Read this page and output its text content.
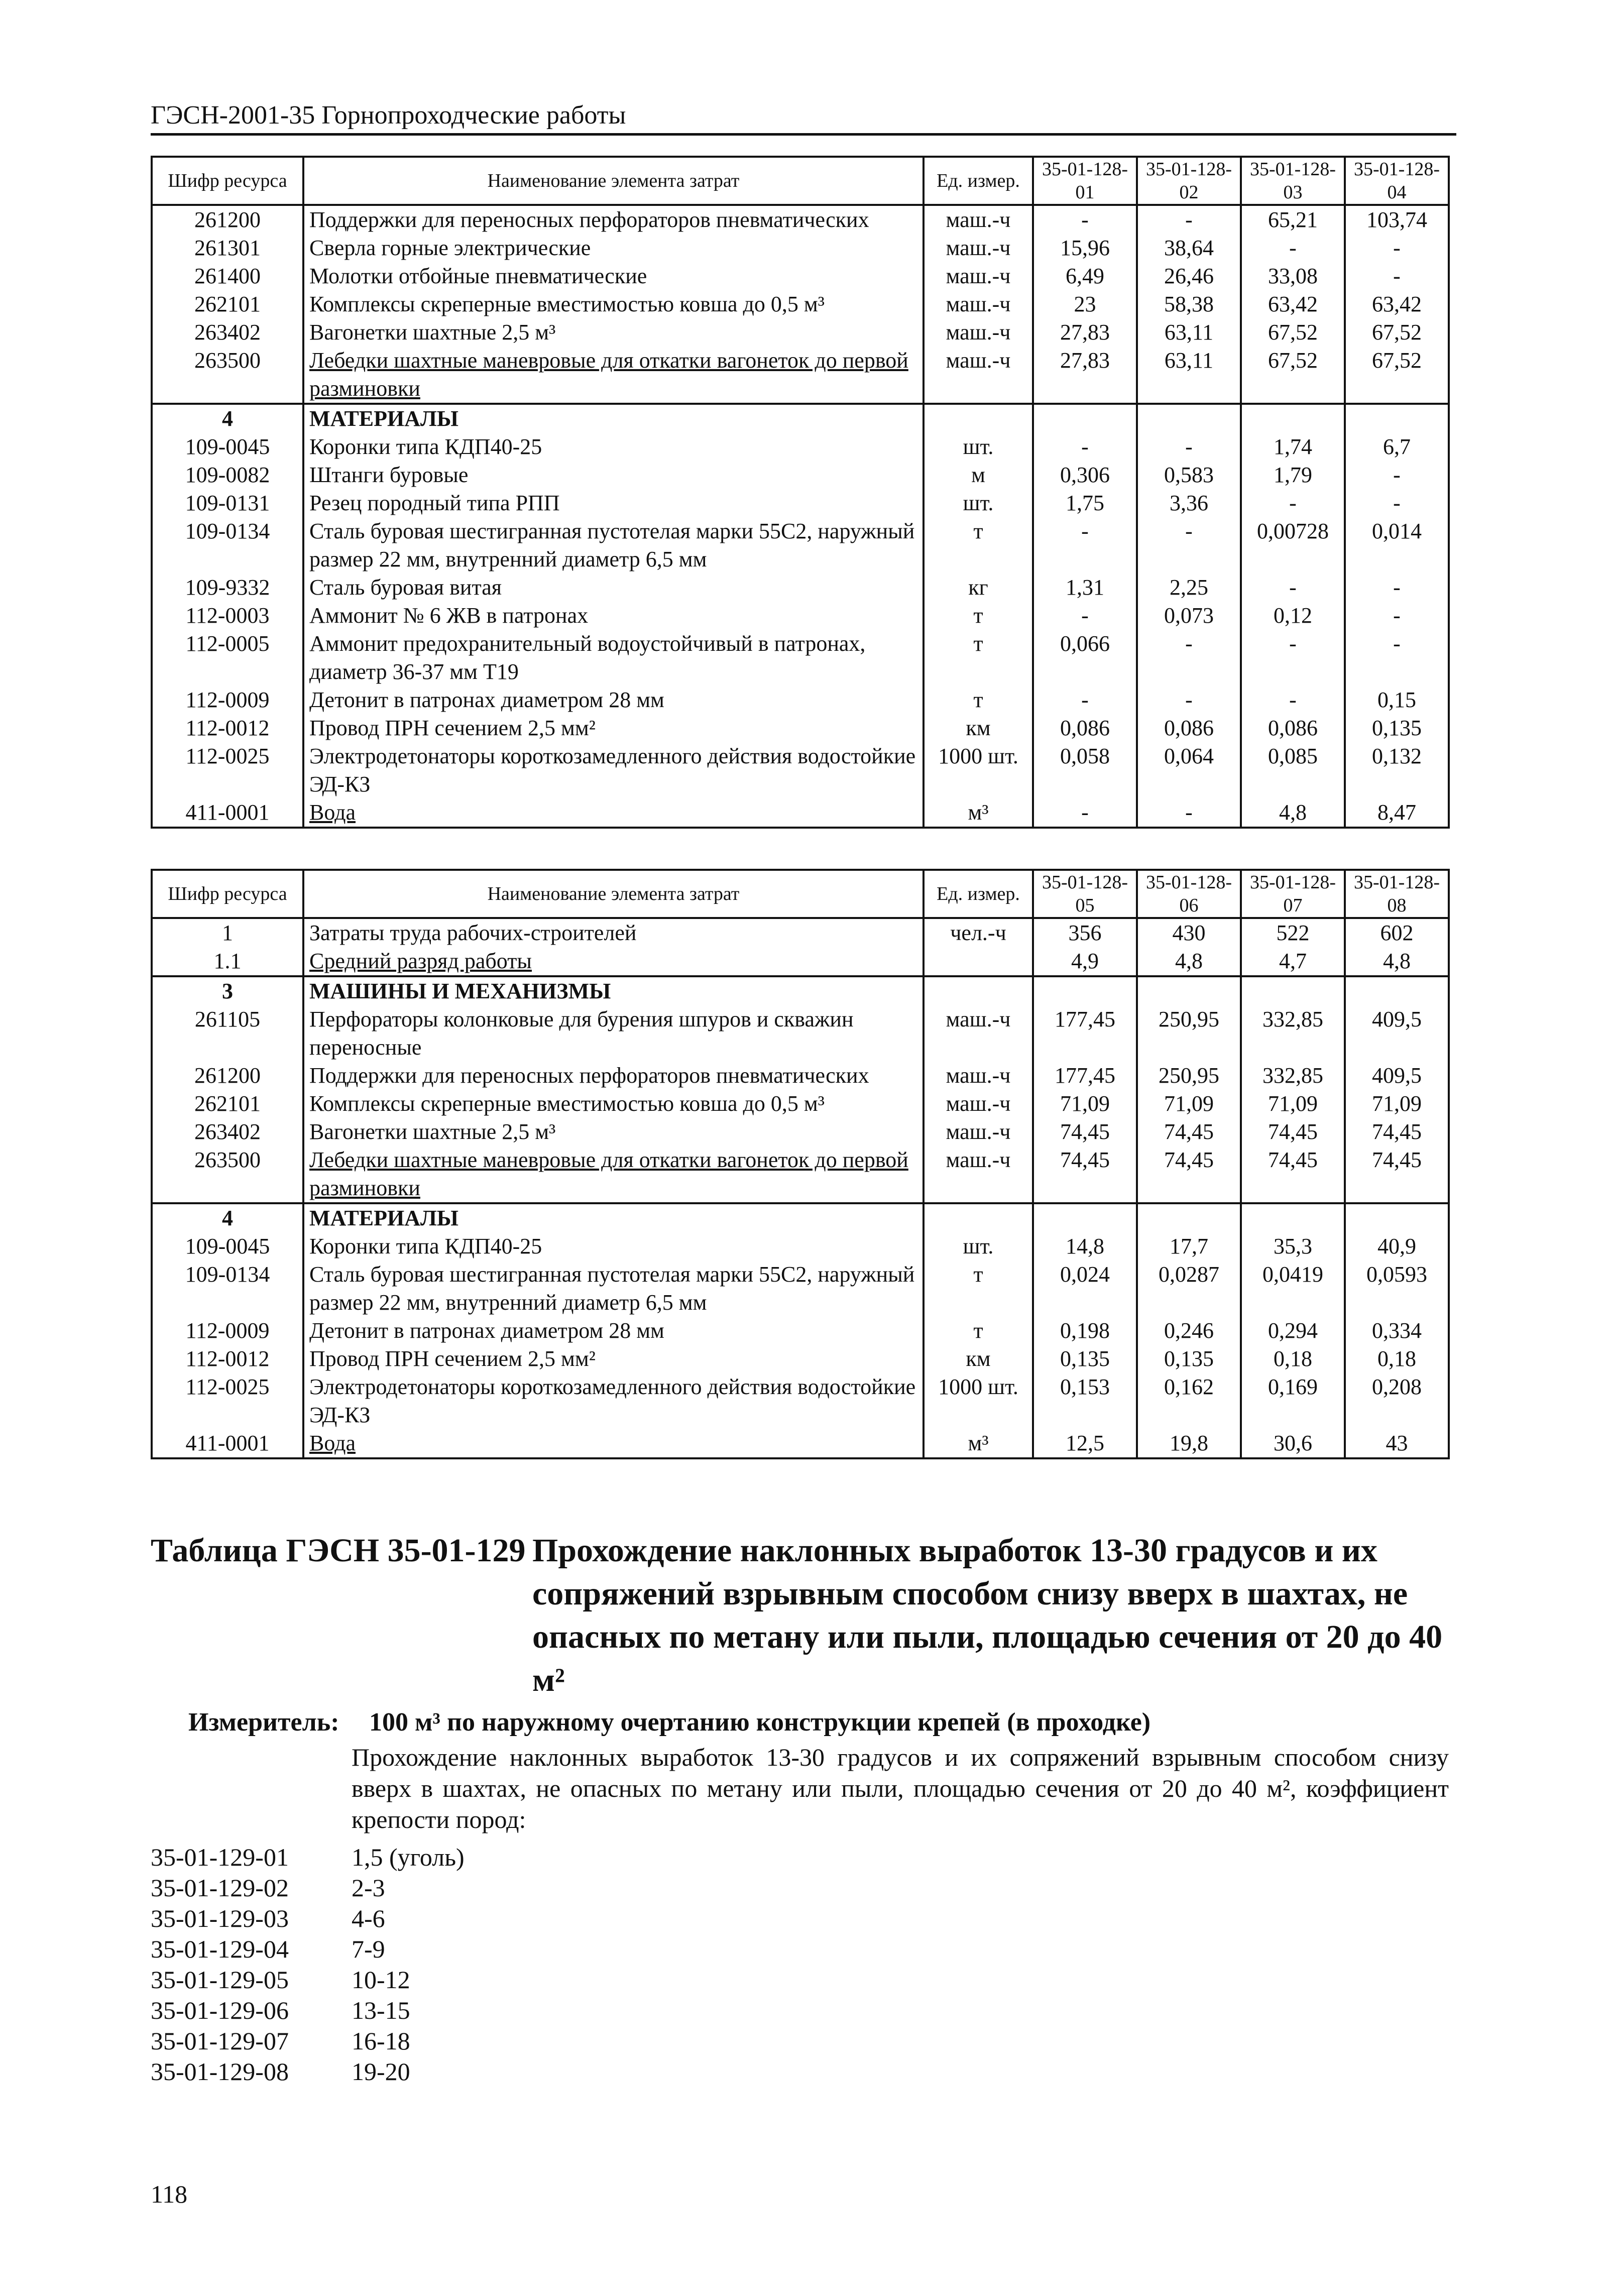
ГЭСН-2001-35 Горнопроходческие работы
Шифр ресурса	Наименование элемента затрат	Ед. измер.	35-01-128-01	35-01-128-02	35-01-128-03	35-01-128-04
261200	Поддержки для переносных перфораторов пневматических	маш.-ч	-	-	65,21	103,74
261301	Сверла горные электрические	маш.-ч	15,96	38,64	-	-
261400	Молотки отбойные пневматические	маш.-ч	6,49	26,46	33,08	-
262101	Комплексы скреперные вместимостью ковша до 0,5 м³	маш.-ч	23	58,38	63,42	63,42
263402	Вагонетки шахтные 2,5 м³	маш.-ч	27,83	63,11	67,52	67,52
263500	Лебедки шахтные маневровые для откатки вагонеток до первой разминовки	маш.-ч	27,83	63,11	67,52	67,52
4	МАТЕРИАЛЫ					
109-0045	Коронки типа КДП40-25	шт.	-	-	1,74	6,7
109-0082	Штанги буровые	м	0,306	0,583	1,79	-
109-0131	Резец породный типа РПП	шт.	1,75	3,36	-	-
109-0134	Сталь буровая шестигранная пустотелая марки 55С2, наружный размер 22 мм, внутренний диаметр 6,5 мм	т	-	-	0,00728	0,014
109-9332	Сталь буровая витая	кг	1,31	2,25	-	-
112-0003	Аммонит № 6 ЖВ в патронах	т	-	0,073	0,12	-
112-0005	Аммонит предохранительный водоустойчивый в патронах, диаметр 36-37 мм Т19	т	0,066	-	-	-
112-0009	Детонит в патронах диаметром 28 мм	т	-	-	-	0,15
112-0012	Провод ПРН сечением 2,5 мм²	км	0,086	0,086	0,086	0,135
112-0025	Электродетонаторы короткозамедленного действия водостойкие ЭД-КЗ	1000 шт.	0,058	0,064	0,085	0,132
411-0001	Вода	м³	-	-	4,8	8,47
Шифр ресурса	Наименование элемента затрат	Ед. измер.	35-01-128-05	35-01-128-06	35-01-128-07	35-01-128-08
1	Затраты труда рабочих-строителей	чел.-ч	356	430	522	602
1.1	Средний разряд работы		4,9	4,8	4,7	4,8
3	МАШИНЫ И МЕХАНИЗМЫ					
261105	Перфораторы колонковые для бурения шпуров и скважин переносные	маш.-ч	177,45	250,95	332,85	409,5
261200	Поддержки для переносных перфораторов пневматических	маш.-ч	177,45	250,95	332,85	409,5
262101	Комплексы скреперные вместимостью ковша до 0,5 м³	маш.-ч	71,09	71,09	71,09	71,09
263402	Вагонетки шахтные 2,5 м³	маш.-ч	74,45	74,45	74,45	74,45
263500	Лебедки шахтные маневровые для откатки вагонеток до первой разминовки	маш.-ч	74,45	74,45	74,45	74,45
4	МАТЕРИАЛЫ					
109-0045	Коронки типа КДП40-25	шт.	14,8	17,7	35,3	40,9
109-0134	Сталь буровая шестигранная пустотелая марки 55С2, наружный размер 22 мм, внутренний диаметр 6,5 мм	т	0,024	0,0287	0,0419	0,0593
112-0009	Детонит в патронах диаметром 28 мм	т	0,198	0,246	0,294	0,334
112-0012	Провод ПРН сечением 2,5 мм²	км	0,135	0,135	0,18	0,18
112-0025	Электродетонаторы короткозамедленного действия водостойкие ЭД-КЗ	1000 шт.	0,153	0,162	0,169	0,208
411-0001	Вода	м³	12,5	19,8	30,6	43
Таблица ГЭСН 35-01-129 Прохождение наклонных выработок 13-30 градусов и их сопряжений взрывным способом снизу вверх в шахтах, не опасных по метану или пыли, площадью сечения от 20 до 40 м²
Измеритель: 100 м³ по наружному очертанию конструкции крепей (в проходке)
Прохождение наклонных выработок 13-30 градусов и их сопряжений взрывным способом снизу вверх в шахтах, не опасных по метану или пыли, площадью сечения от 20 до 40 м², коэффициент крепости пород:
35-01-129-01	1,5 (уголь)
35-01-129-02	2-3
35-01-129-03	4-6
35-01-129-04	7-9
35-01-129-05	10-12
35-01-129-06	13-15
35-01-129-07	16-18
35-01-129-08	19-20
118
